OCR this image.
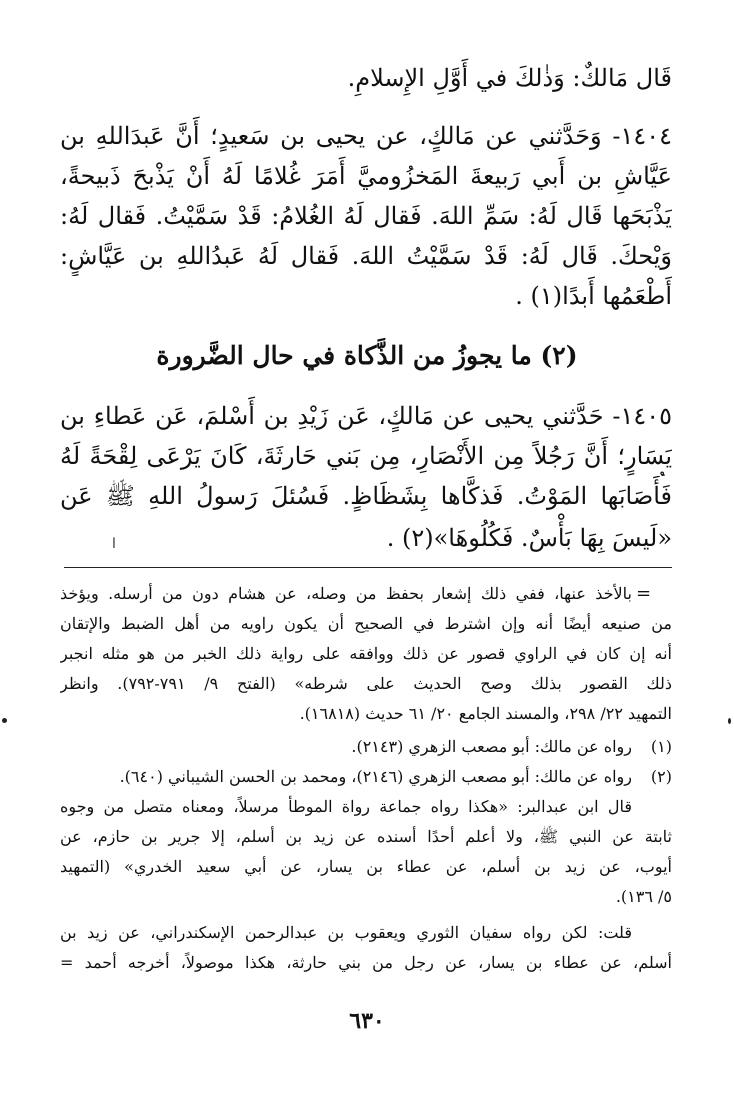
قَال مَالكٌ: وَذٰلكَ في أَوَّلِ الإِسلامِ.
١٤٠٤- وَحَدَّثني عن مَالكٍ، عن يحيى بن سَعيدٍ؛ أَنَّ عَبدَاللهِ بن
عَيَّاشِ بن أَبي رَبيعةَ المَخزُوميَّ أَمَرَ غُلامًا لَهُ أَنْ يَذْبحَ ذَبيحةً،
يَذْبَحَها قَال لَهُ: سَمِّ اللهَ. فَقال لَهُ الغُلامُ: قَدْ سَمَّيْتُ. فَقال لَهُ:
وَيْحكَ. قَال لَهُ: قَدْ سَمَّيْتُ اللهَ. فَقال لَهُ عَبدُاللهِ بن عَيَّاشٍ:
أَطْعَمُها أَبدًا(١) .
(٢) ما يجوزُ من الذَّكاة في حال الضَّرورة
١٤٠٥- حَدَّثني يحيى عن مَالكٍ، عَن زَيْدِ بن أَسْلمَ، عَن عَطاءِ بن
يَسَارٍ؛ أَنَّ رَجُلاً مِن الأَنْصَارِ، مِن بَني حَارثَةَ، كَانَ يَرْعَى لِقْحَةً لَهُ
فَأَصَابَها المَوْتُ. فَذكَّاها بِشَظَاظٍ. فَسُئلَ رَسولُ اللهِ ﷺ عَن
«لَيسَ بِهَا بَأْسٌ. فَكُلُوهَا»(٢) .
ا
=
بالأخذ عنها، ففي ذلك إشعار بحفظ من وصله، عن هشام دون من أرسله. ويؤخذ
من صنيعه أيضًا أنه وإن اشترط في الصحيح أن يكون راويه من أهل الضبط والإتقان
أنه إن كان في الراوي قصور عن ذلك ووافقه على رواية ذلك الخبر من هو مثله انجبر
ذلك القصور بذلك وصح الحديث على شرطه» (الفتح ٩/ ٧٩١-٧٩٢). وانظر
التمهيد ٢٢/ ٢٩٨، والمسند الجامع ٢٠/ ٦١ حديث (١٦٨١٨).
(١)
رواه عن مالك: أبو مصعب الزهري (٢١٤٣).
(٢)
رواه عن مالك: أبو مصعب الزهري (٢١٤٦)، ومحمد بن الحسن الشيباني (٦٤٠).
قال ابن عبدالبر: «هكذا رواه جماعة رواة الموطأ مرسلاً، ومعناه متصل من وجوه
ثابتة عن النبي ﷺ، ولا أعلم أحدًا أسنده عن زيد بن أسلم، إلا جرير بن حازم، عن
أيوب، عن زيد بن أسلم، عن عطاء بن يسار، عن أبي سعيد الخدري» (التمهيد
٥/ ١٣٦).
قلت: لكن رواه سفيان الثوري ويعقوب بن عبدالرحمن الإسكندراني، عن زيد بن
أسلم، عن عطاء بن يسار، عن رجل من بني حارثة، هكذا موصولاً، أخرجه أحمد =
٦٣٠
